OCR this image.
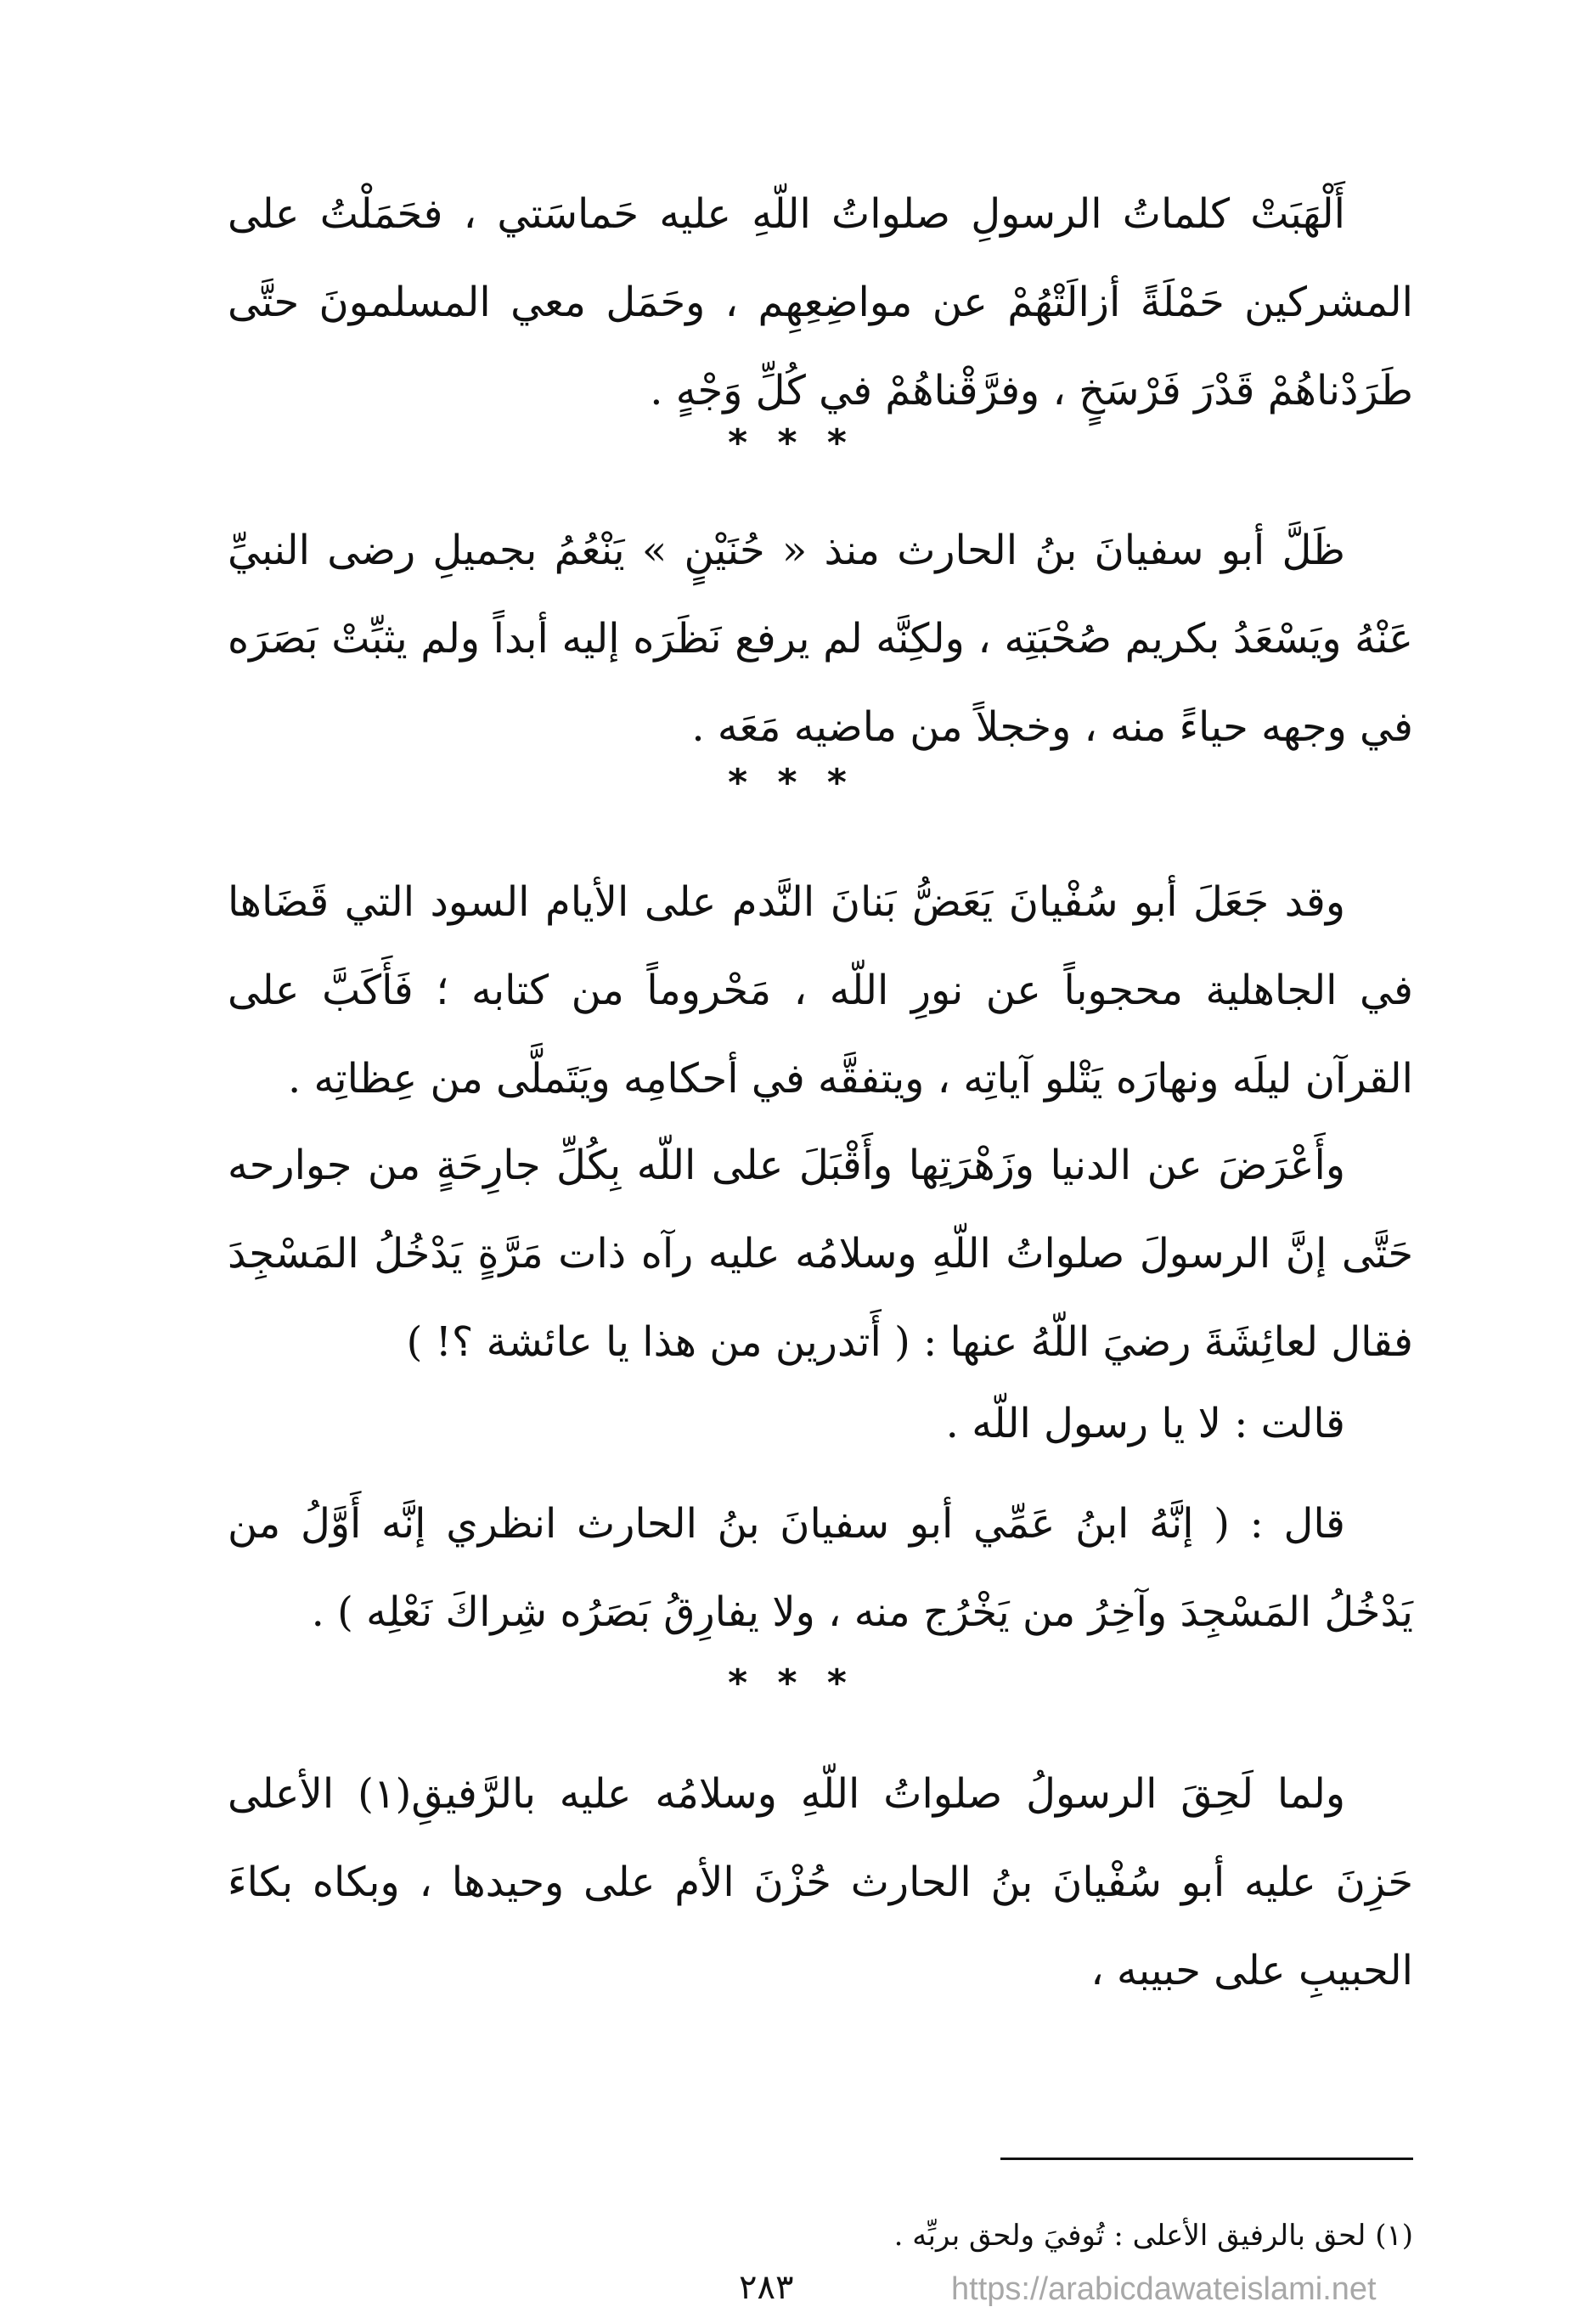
أَلْهَبَتْ كلماتُ الرسولِ صلواتُ اللّهِ عليه حَماسَتي ، فحَمَلْتُ على المشركين حَمْلَةً أزالَتْهُمْ عن مواضِعِهِم ، وحَمَل معي المسلمونَ حتَّى طَرَدْناهُمْ قَدْرَ فَرْسَخٍ ، وفرَّقْناهُمْ في كُلِّ وَجْهٍ .

* * *

ظَلَّ أبو سفيانَ بنُ الحارث منذ « حُنَيْنٍ » يَنْعُمُ بجميلِ رضى النبيِّ عَنْهُ ويَسْعَدُ بكريم صُحْبَتِه ، ولكِنَّه لم يرفع نَظَرَه إليه أبداً ولم يثبِّتْ بَصَرَه في وجهه حياءً منه ، وخجلاً من ماضيه مَعَه .

* * *

وقد جَعَلَ أبو سُفْيانَ يَعَضُّ بَنانَ النَّدم على الأيام السود التي قَضَاها في الجاهلية محجوباً عن نورِ اللّه ، مَحْروماً من كتابه ؛ فَأَكَبَّ على القرآن ليلَه ونهارَه يَتْلو آياتِه ، ويتفقَّه في أحكامِه ويَتَملَّى من عِظاتِه .

وأَعْرَضَ عن الدنيا وزَهْرَتِها وأَقْبَلَ على اللّه بِكُلِّ جارِحَةٍ من جوارحه حَتَّى إنَّ الرسولَ صلواتُ اللّهِ وسلامُه عليه رآه ذات مَرَّةٍ يَدْخُلُ المَسْجِدَ فقال لعائِشَةَ رضيَ اللّهُ عنها : ( أَتدرين من هذا يا عائشة ؟! )

قالت : لا يا رسول اللّه .

قال : ( إنَّهُ ابنُ عَمِّي أبو سفيانَ بنُ الحارث انظري إنَّه أَوَّلُ من يَدْخُلُ المَسْجِدَ وآخِرُ من يَخْرُج منه ، ولا يفارِقُ بَصَرُه شِراكَ نَعْلِه ) .

* * *

ولما لَحِقَ الرسولُ صلواتُ اللّهِ وسلامُه عليه بالرَّفيقِ(١) الأعلى حَزِنَ عليه أبو سُفْيانَ بنُ الحارث حُزْنَ الأم على وحيدها ، وبكاه بكاءَ الحبيبِ على حبيبه ،

(١) لحق بالرفيق الأعلى : تُوفيَ ولحق بربِّه .

٢٨٣	https://arabicdawateislami.net
